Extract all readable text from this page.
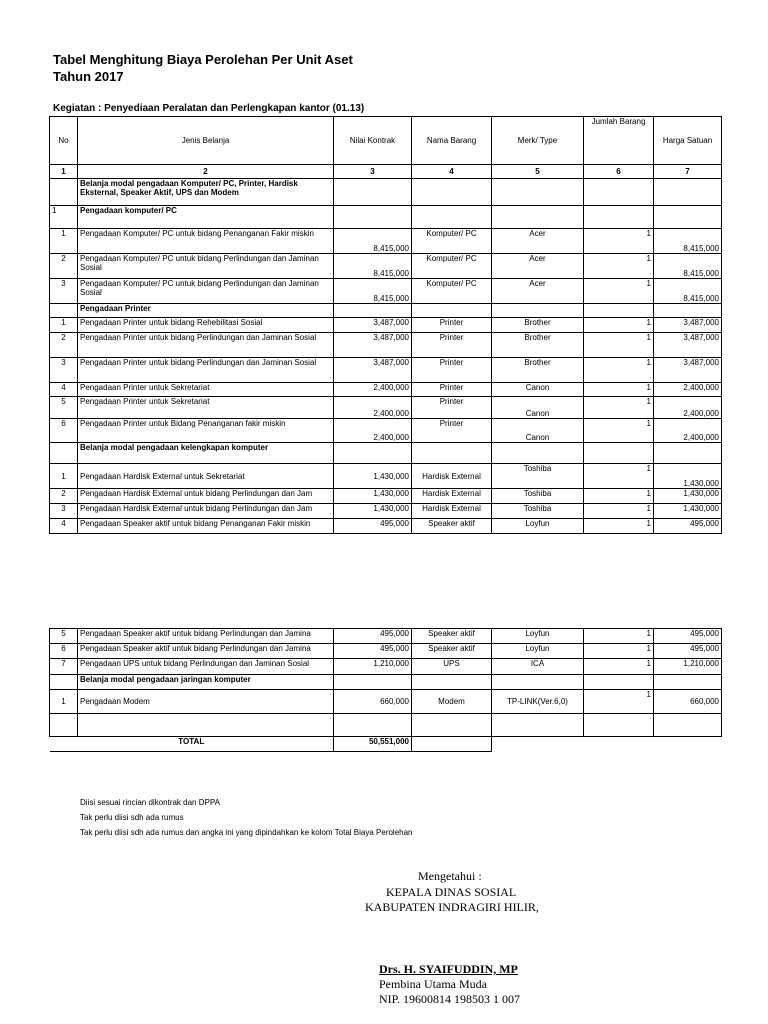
Tabel Menghitung Biaya Perolehan Per Unit Aset
Tahun 2017
Kegiatan : Penyediaan Peralatan dan Perlengkapan kantor (01.13)
No	Jenis Belanja	Nilai Kontrak	Nama Barang	Merk/ Type	Jumlah Barang	Harga Satuan
1	2	3	4	5	6	7
	Belanja modal pengadaan Komputer/ PC, Printer, Hardisk Eksternal, Speaker Aktif, UPS dan Modem					
1	Pengadaan komputer/ PC					
1	Pengadaan Komputer/ PC untuk bidang Penanganan Fakir miskin	8,415,000	Komputer/ PC	Acer	1	8,415,000
2	Pengadaan Komputer/ PC untuk bidang Perlindungan dan Jaminan Sosial	8,415,000	Komputer/ PC	Acer	1	8,415,000
3	Pengadaan Komputer/ PC untuk bidang Perlindungan dan Jaminan Sosial	8,415,000	Komputer/ PC	Acer	1	8,415,000
	Pengadaan Printer					
1	Pengadaan Printer untuk bidang Rehebilitasi Sosial	3,487,000	Printer	Brother	1	3,487,000
2	Pengadaan Printer untuk bidang Perlindungan dan Jaminan Sosial	3,487,000	Printer	Brother	1	3,487,000
3	Pengadaan Printer untuk bidang Perlindungan dan Jaminan Sosial	3,487,000	Printer	Brother	1	3,487,000
4	Pengadaan Printer untuk Sekretariat	2,400,000	Printer	Canon	1	2,400,000
5	Pengadaan Printer untuk Sekretariat	2,400,000	Printer	Canon	1	2,400,000
6	Pengadaan Printer untuk Bidang Penanganan fakir miskin	2,400,000	Printer	Canon	1	2,400,000
	Belanja modal pengadaan kelengkapan komputer					
1	Pengadaan Hardisk External untuk Sekretariat	1,430,000	Hardisk External	Toshiba	1	1,430,000
2	Pengadaan Hardisk External untuk bidang Perlindungan dan Jam	1,430,000	Hardisk External	Toshiba	1	1,430,000
3	Pengadaan Hardisk External untuk bidang Perlindungan dan Jam	1,430,000	Hardisk External	Toshiba	1	1,430,000
4	Pengadaan Speaker aktif untuk bidang Penanganan Fakir miskin	495,000	Speaker aktif	Loyfun	1	495,000
5	Pengadaan Speaker aktif untuk bidang Perlindungan dan Jamina	495,000	Speaker aktif	Loyfun	1	495,000
6	Pengadaan Speaker aktif untuk bidang Perlindungan dan Jamina	495,000	Speaker aktif	Loyfun	1	495,000
7	Pengadaan UPS untuk bidang Perlindungan dan Jaminan Sosial	1,210,000	UPS	ICA	1	1,210,000
	Belanja modal pengadaan jaringan komputer					
1	Pengadaan Modem	660,000	Modem	TP-LINK(Ver.6,0)	1	660,000

TOTAL		50,551,000				
Diisi sesuai rincian dikontrak dan DPPA
Tak perlu diisi sdh ada rumus
Tak perlu diisi sdh ada rumus dan angka ini yang dipindahkan ke kolom Total Biaya Perolehan
Mengetahui :
KEPALA DINAS SOSIAL
KABUPATEN INDRAGIRI HILIR,
Drs. H. SYAIFUDDIN, MP
Pembina Utama Muda
NIP. 19600814 198503 1 007
